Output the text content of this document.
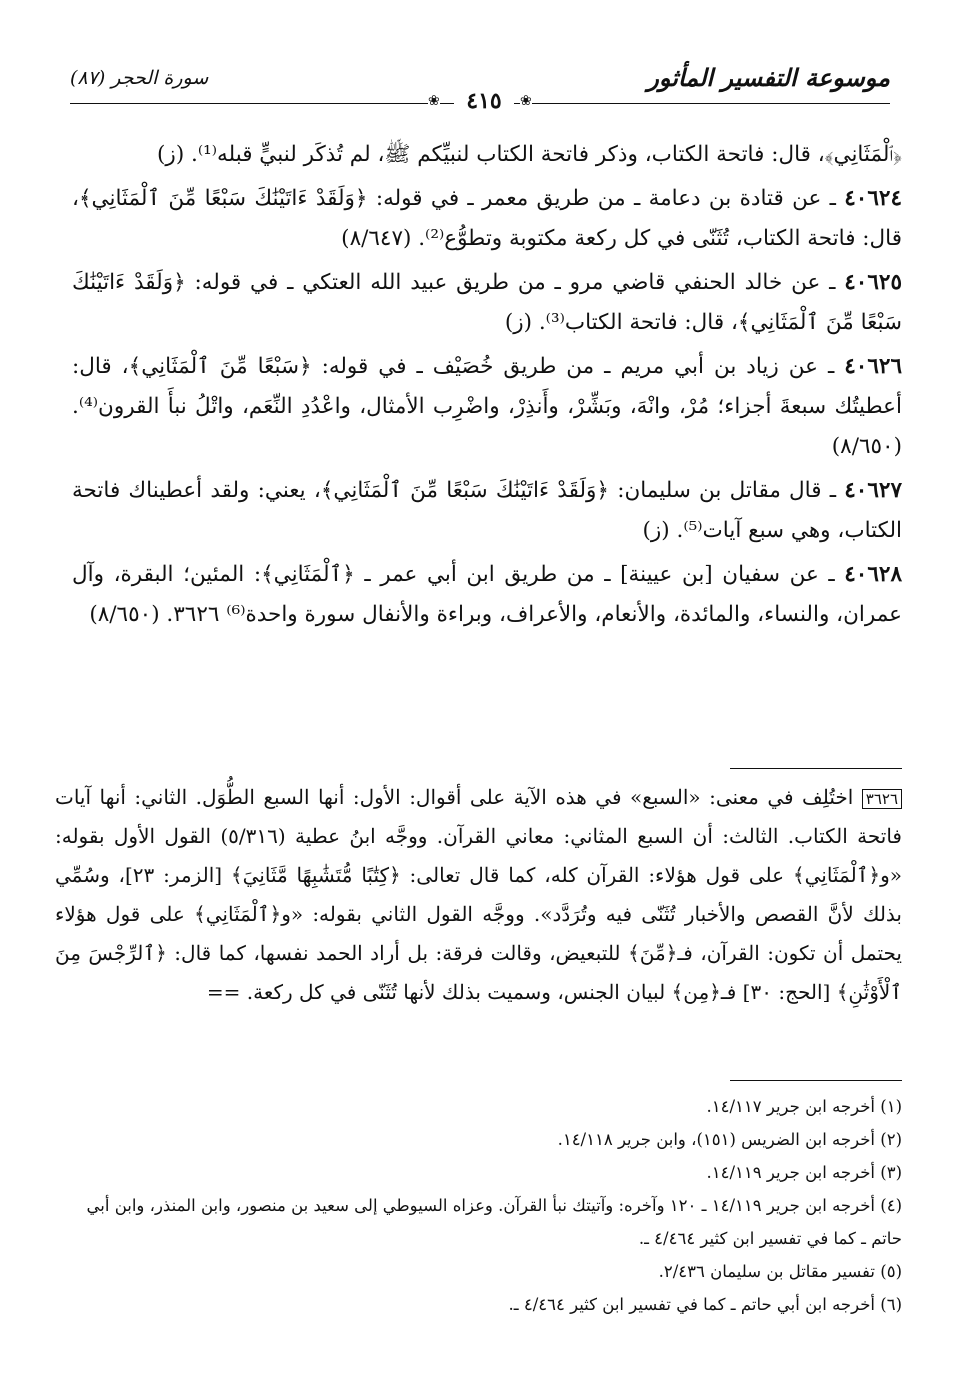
موسوعة التفسير المأثور
سورة الحجر (٨٧)
❀
٤١٥
❀

﴿ٱلْمَثَانِي﴾، قال: فاتحة الكتاب، وذكر فاتحة الكتاب لنبيِّكم ﷺ، لم تُذكَر لنبيٍّ قبله⁽¹⁾. (ز)

٤٠٦٢٤ ـ عن قتادة بن دعامة ـ من طريق معمر ـ في قوله: ﴿وَلَقَدْ ءَاتَيْنَٰكَ سَبْعًا مِّنَ ٱلْمَثَانِي﴾، قال: فاتحة الكتاب، تُثَنّى في كل ركعة مكتوبة وتطوُّع⁽²⁾. (٨/٦٤٧)

٤٠٦٢٥ ـ عن خالد الحنفي قاضي مرو ـ من طريق عبيد الله العتكي ـ في قوله: ﴿وَلَقَدْ ءَاتَيْنَٰكَ سَبْعًا مِّنَ ٱلْمَثَانِي﴾، قال: فاتحة الكتاب⁽³⁾. (ز)

٤٠٦٢٦ ـ عن زياد بن أبي مريم ـ من طريق خُصَيْف ـ في قوله: ﴿سَبْعًا مِّنَ ٱلْمَثَانِي﴾، قال: أعطيتُك سبعةَ أجزاء؛ مُرْ، وانْهَ، وبَشِّرْ، وأَنذِرْ، واضْرِب الأمثال، واعْدُدِ النِّعَم، واتْلُ نبأَ القرون⁽⁴⁾. (٨/٦٥٠)

٤٠٦٢٧ ـ قال مقاتل بن سليمان: ﴿وَلَقَدْ ءَاتَيْنَٰكَ سَبْعًا مِّنَ ٱلْمَثَانِي﴾، يعني: ولقد أعطيناك فاتحة الكتاب، وهي سبع آيات⁽⁵⁾. (ز)

٤٠٦٢٨ ـ عن سفيان [بن عيينة] ـ من طريق ابن أبي عمر ـ ﴿ٱلْمَثَانِي﴾: المئين؛ البقرة، وآل عمران، والنساء، والمائدة، والأنعام، والأعراف، وبراءة والأنفال سورة واحدة⁽⁶⁾ ٣٦٢٦. (٨/٦٥٠)

٣٦٢٦ اختُلِف في معنى: «السبع» في هذه الآية على أقوال: الأول: أنها السبع الطُّوَل. الثاني: أنها آيات فاتحة الكتاب. الثالث: أن السبع المثاني: معاني القرآن. ووجَّه ابنُ عطية (٥/٣١٦) القول الأول بقوله: «و﴿ٱلْمَثَانِي﴾ على قول هؤلاء: القرآن كله، كما قال تعالى: ﴿كِتَٰبًا مُّتَشَٰبِهًا مَّثَانِيَ﴾ [الزمر: ٢٣]، وسُمِّي بذلك لأنَّ القصص والأخبار تُثَنّى فيه وتُرَدَّد». ووجَّه القول الثاني بقوله: «و﴿ٱلْمَثَانِي﴾ على قول هؤلاء يحتمل أن تكون: القرآن، فـ﴿مِّنَ﴾ للتبعيض، وقالت فرقة: بل أراد الحمد نفسها، كما قال: ﴿ٱلرِّجْسَ مِنَ ٱلْأَوْثَٰنِ﴾ [الحج: ٣٠] فـ﴿مِن﴾ لبيان الجنس، وسميت بذلك لأنها تُثَنّى في كل ركعة. ==

(١) أخرجه ابن جرير ١٤/١١٧.

(٢) أخرجه ابن الضريس (١٥١)، وابن جرير ١٤/١١٨.

(٣) أخرجه ابن جرير ١٤/١١٩.

(٤) أخرجه ابن جرير ١٤/١١٩ ـ ١٢٠ وآخره: وآتيتك نبأ القرآن. وعزاه السيوطي إلى سعيد بن منصور، وابن المنذر، وابن أبي حاتم ـ كما في تفسير ابن كثير ٤/٤٦٤ ـ.

(٥) تفسير مقاتل بن سليمان ٢/٤٣٦.

(٦) أخرجه ابن أبي حاتم ـ كما في تفسير ابن كثير ٤/٤٦٤ ـ.
